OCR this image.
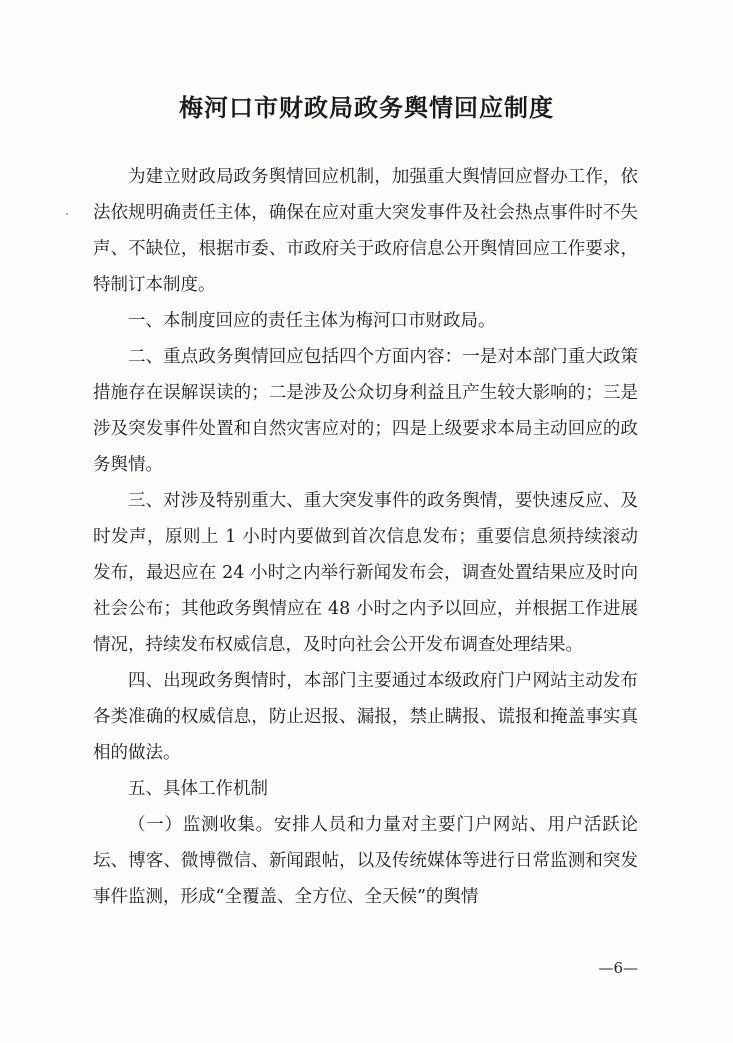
梅河口市财政局政务舆情回应制度

为建立财政局政务舆情回应机制，加强重大舆情回应督办工作，依法依规明确责任主体，确保在应对重大突发事件及社会热点事件时不失声、不缺位，根据市委、市政府关于政府信息公开舆情回应工作要求，特制订本制度。

一、本制度回应的责任主体为梅河口市财政局。

二、重点政务舆情回应包括四个方面内容：一是对本部门重大政策措施存在误解误读的；二是涉及公众切身利益且产生较大影响的；三是涉及突发事件处置和自然灾害应对的；四是上级要求本局主动回应的政务舆情。

三、对涉及特别重大、重大突发事件的政务舆情，要快速反应、及时发声，原则上 1 小时内要做到首次信息发布；重要信息须持续滚动发布，最迟应在 24 小时之内举行新闻发布会，调查处置结果应及时向社会公布；其他政务舆情应在 48 小时之内予以回应，并根据工作进展情况，持续发布权威信息，及时向社会公开发布调查处理结果。

四、出现政务舆情时，本部门主要通过本级政府门户网站主动发布各类准确的权威信息，防止迟报、漏报，禁止瞒报、谎报和掩盖事实真相的做法。

五、具体工作机制

（一）监测收集。安排人员和力量对主要门户网站、用户活跃论坛、博客、微博微信、新闻跟帖，以及传统媒体等进行日常监测和突发事件监测，形成“全覆盖、全方位、全天候”的舆情

—6—
